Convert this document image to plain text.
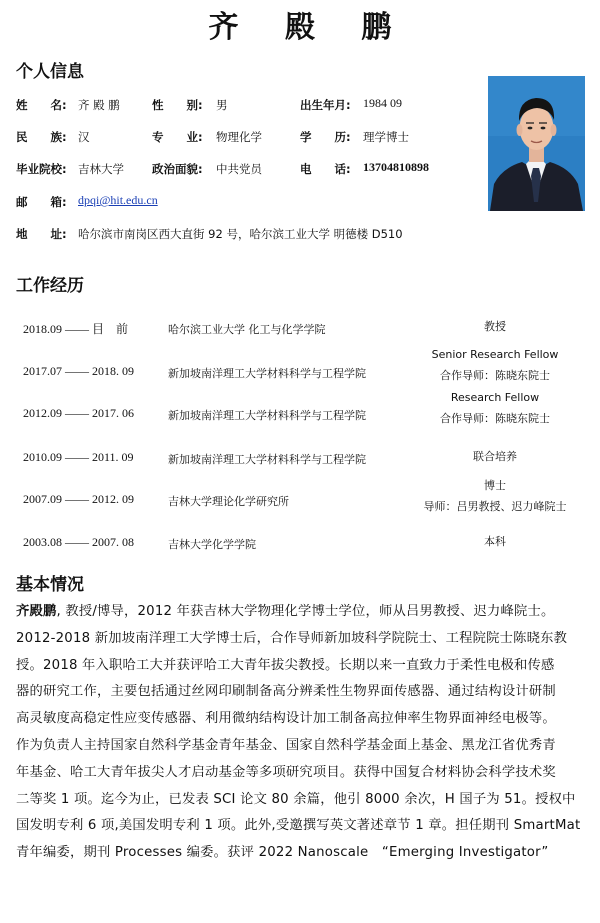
齐 殿 鹏
个人信息
姓　　名: 齐 殿 鹏	性　　别: 男	出生年月: 1984 09
民　　族: 汉	专　　业: 物理化学	学　　历: 理学博士
毕业院校: 吉林大学 政治面貌: 中共党员	电　　话: 13704810898
邮　　箱: dpqi@hit.edu.cn
地　　址: 哈尔滨市南岗区西大直街 92 号，哈尔滨工业大学 明德楼 D510
工作经历
2018.09 —— 目　前	哈尔滨工业大学 化工与化学学院	教授
2017.07 —— 2018. 09	新加坡南洋理工大学材料科学与工程学院
Senior Research Fellow
合作导师：陈晓东院士
2012.09 —— 2017. 06	新加坡南洋理工大学材料科学与工程学院
Research Fellow
合作导师：陈晓东院士
2010.09 —— 2011. 09	新加坡南洋理工大学材料科学与工程学院	联合培养
2007.09 —— 2012. 09	吉林大学理论化学研究所
博士
导师：吕男教授、迟力峰院士
2003.08 —— 2007. 08	吉林大学化学学院	本科
基本情况
齐殿鹏, 教授/博导，2012 年获吉林大学物理化学博士学位，师从吕男教授、迟力峰院士。
2012-2018 新加坡南洋理工大学博士后，合作导师新加坡科学院院士、工程院院士陈晓东教
授。2018 年入职哈工大并获评哈工大青年拔尖教授。长期以来一直致力于柔性电极和传感
器的研究工作，主要包括通过丝网印刷制备高分辨柔性生物界面传感器、通过结构设计研制
高灵敏度高稳定性应变传感器、利用微纳结构设计加工制备高拉伸率生物界面神经电极等。
作为负责人主持国家自然科学基金青年基金、国家自然科学基金面上基金、黑龙江省优秀青
年基金、哈工大青年拔尖人才启动基金等多项研究项目。获得中国复合材料协会科学技术奖
二等奖 1 项。迄今为止，已发表 SCI 论文 80 余篇，他引 8000 余次，H 国子为 51。授权中
国发明专利 6 项,美国发明专利 1 项。此外,受邀撰写英文著述章节 1 章。担任期刊 SmartMat
青年编委，期刊 Processes 编委。获评 2022 Nanoscale　“Emerging Investigator”
